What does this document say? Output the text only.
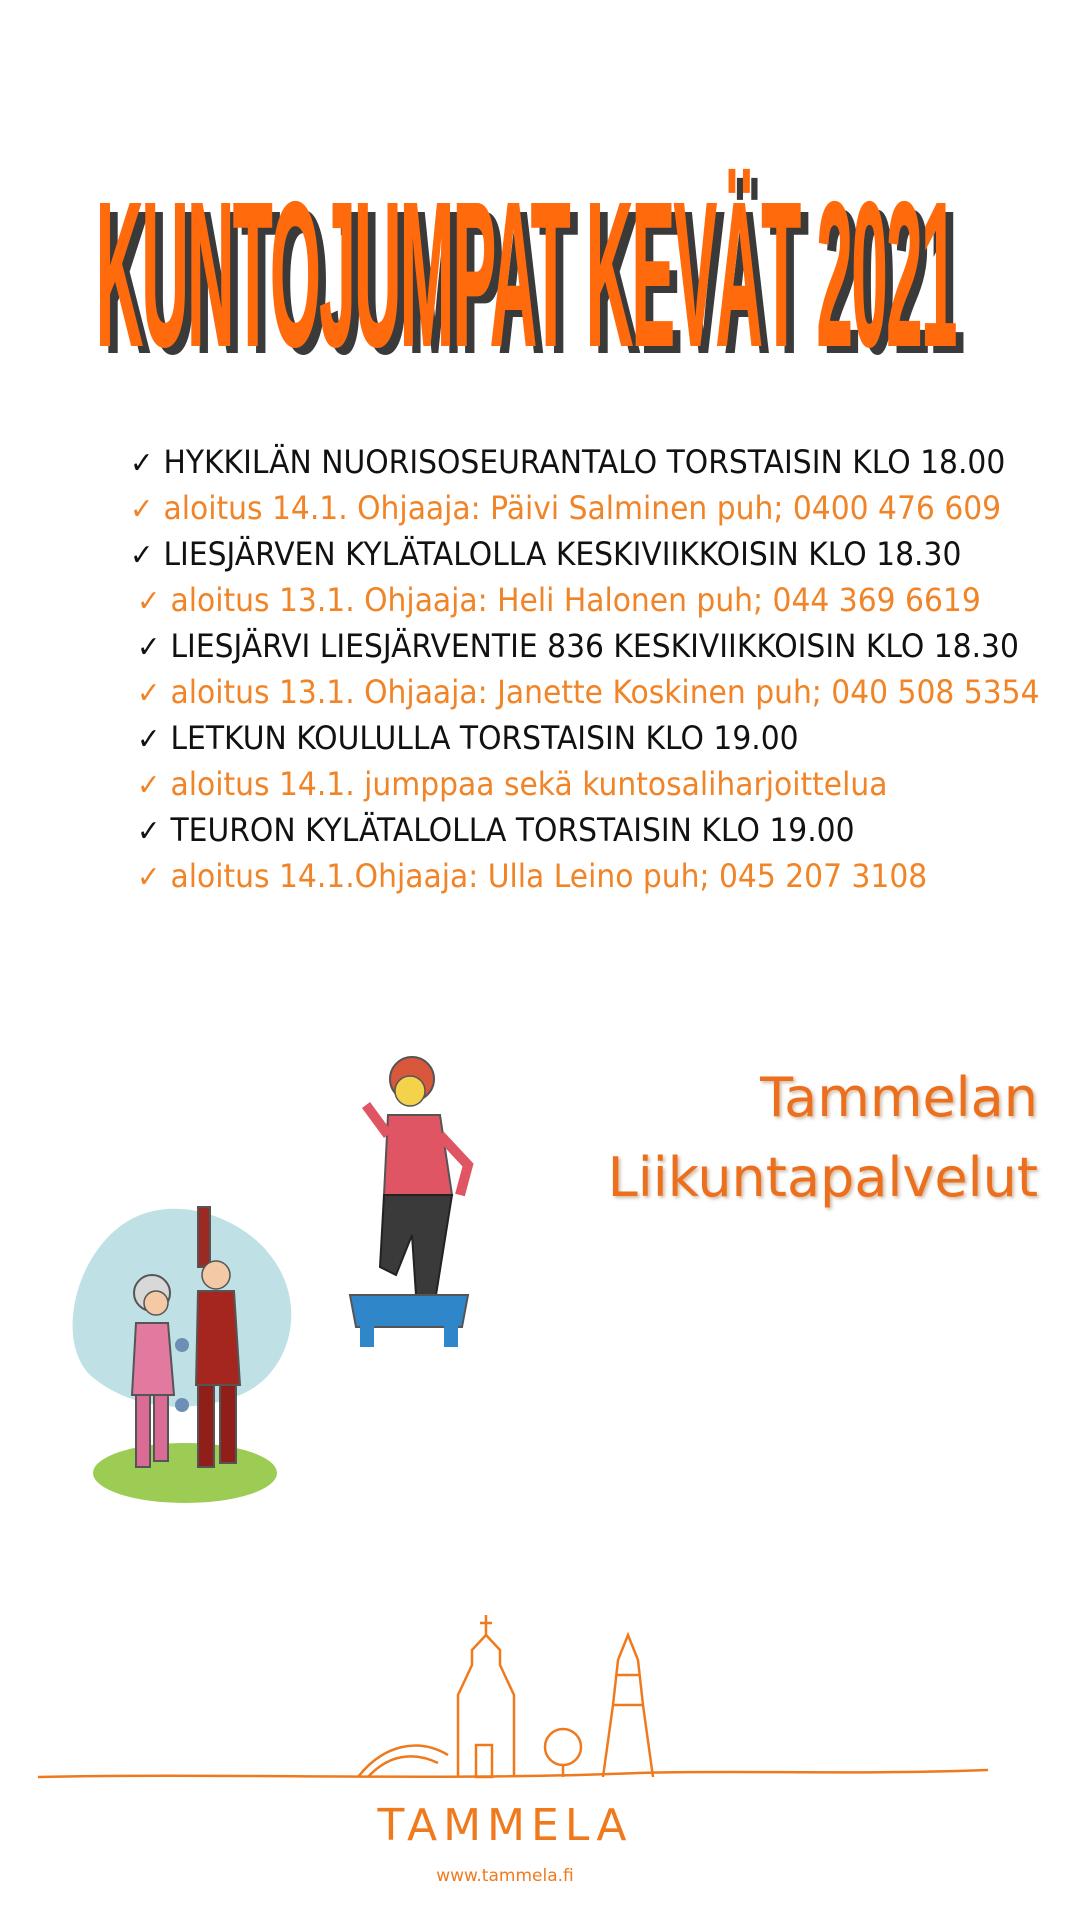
KUNTOJUMPAT KEVÄT 2021
KUNTOJUMPAT KEVÄT 2021
✓ HYKKILÄN NUORISOSEURANTALO TORSTAISIN KLO 18.00
✓ aloitus 14.1. Ohjaaja: Päivi Salminen puh; 0400 476 609
✓ LIESJÄRVEN KYLÄTALOLLA KESKIVIIKKOISIN KLO 18.30
✓ aloitus 13.1. Ohjaaja: Heli Halonen puh; 044 369 6619
✓ LIESJÄRVI LIESJÄRVENTIE 836 KESKIVIIKKOISIN KLO 18.30
✓ aloitus 13.1. Ohjaaja: Janette Koskinen puh; 040 508 5354
✓ LETKUN KOULULLA TORSTAISIN KLO 19.00
✓ aloitus 14.1. jumppaa sekä kuntosaliharjoittelua
✓ TEURON KYLÄTALOLLA TORSTAISIN KLO 19.00
✓ aloitus 14.1.Ohjaaja: Ulla Leino puh; 045 207 3108
Tammelan
Liikuntapalvelut
TAMMELA
www.tammela.fi
